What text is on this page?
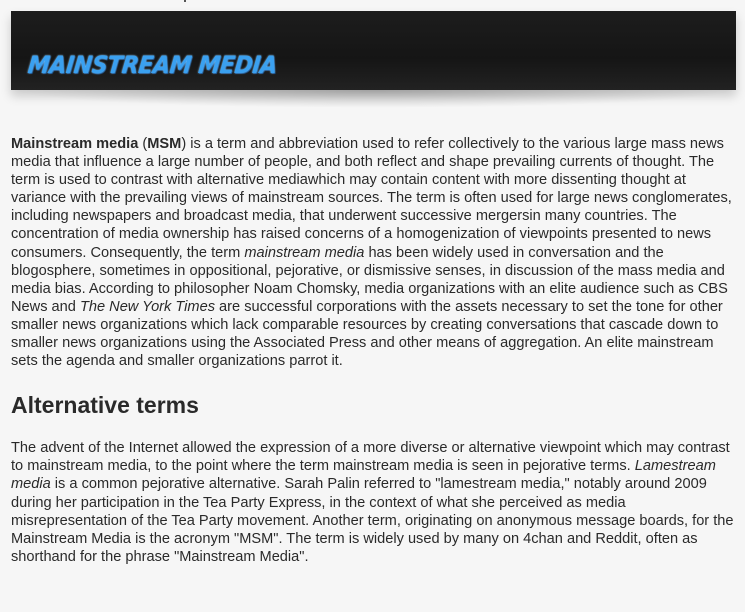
MAINSTREAM MEDIA

Mainstream media (MSM) is a term and abbreviation used to refer collectively to the various large mass news media that influence a large number of people, and both reflect and shape prevailing currents of thought. The term is used to contrast with alternative mediawhich may contain content with more dissenting thought at variance with the prevailing views of mainstream sources. The term is often used for large news conglomerates, including newspapers and broadcast media, that underwent successive mergersin many countries. The concentration of media ownership has raised concerns of a homogenization of viewpoints presented to news consumers. Consequently, the term mainstream media has been widely used in conversation and the blogosphere, sometimes in oppositional, pejorative, or dismissive senses, in discussion of the mass media and media bias. According to philosopher Noam Chomsky, media organizations with an elite audience such as CBS News and The New York Times are successful corporations with the assets necessary to set the tone for other smaller news organizations which lack comparable resources by creating conversations that cascade down to smaller news organizations using the Associated Press and other means of aggregation. An elite mainstream sets the agenda and smaller organizations parrot it.

Alternative terms

The advent of the Internet allowed the expression of a more diverse or alternative viewpoint which may contrast to mainstream media, to the point where the term mainstream media is seen in pejorative terms. Lamestream media is a common pejorative alternative. Sarah Palin referred to "lamestream media," notably around 2009 during her participation in the Tea Party Express, in the context of what she perceived as media misrepresentation of the Tea Party movement. Another term, originating on anonymous message boards, for the Mainstream Media is the acronym "MSM". The term is widely used by many on 4chan and Reddit, often as shorthand for the phrase "Mainstream Media".
